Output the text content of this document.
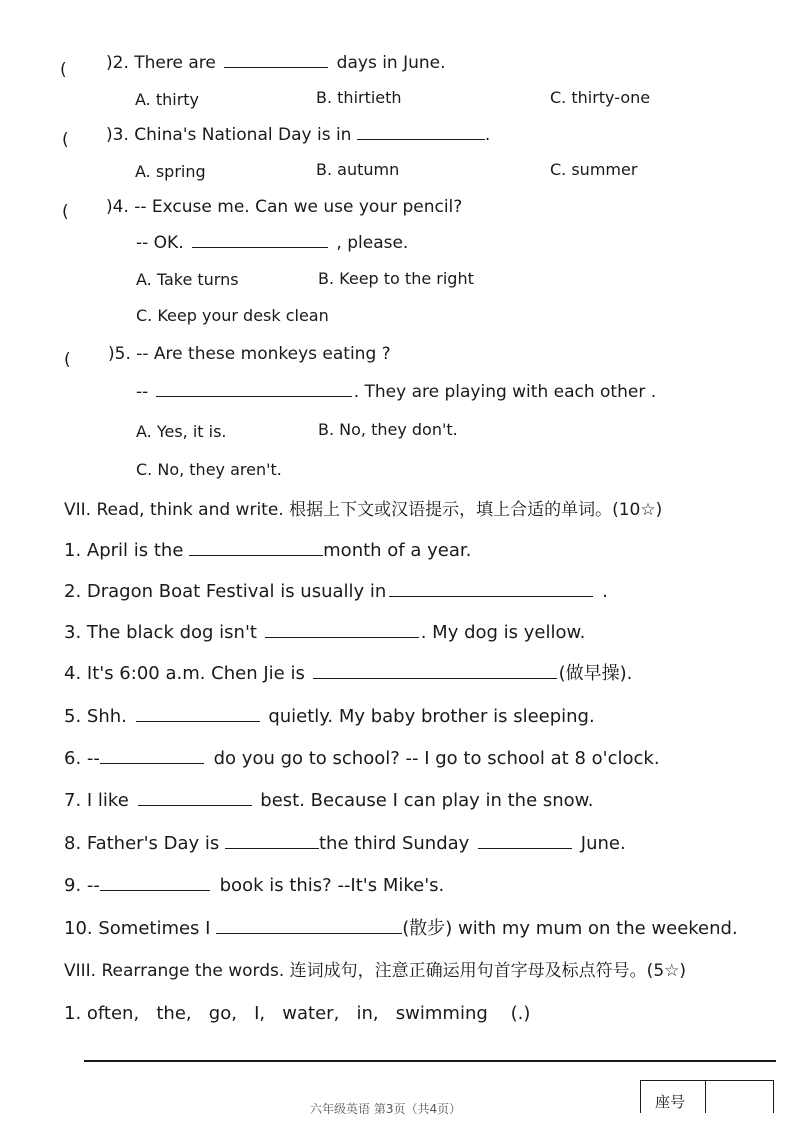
( )2. There are	days in June.
A. thirty	B. thirtieth	C. thirty-one
( )3. China's National Day is in	.
A. spring	B. autumn	C. summer
( )4. -- Excuse me. Can we use your pencil?
-- OK.	, please.
A. Take turns	B. Keep to the right
C. Keep your desk clean
( )5. -- Are these monkeys eating ?
--	. They are playing with each other .
A. Yes, it is.	B. No, they don't.
C. No, they aren't.
VII. Read, think and write. 根据上下文或汉语提示，填上合适的单词。(10☆)
1. April is the	month of a year.
2. Dragon Boat Festival is usually in	.
3. The black dog isn't	. My dog is yellow.
4. It's 6:00 a.m. Chen Jie is	(做早操).
5. Shh.	quietly. My baby brother is sleeping.
6. --	do you go to school? -- I go to school at 8 o'clock.
7. I like	best. Because I can play in the snow.
8. Father's Day is	the third Sunday	June.
9. --	book is this? --It's Mike's.
10. Sometimes I	(散步) with my mum on the weekend.
VIII. Rearrange the words. 连词成句，注意正确运用句首字母及标点符号。(5☆)
1. often,   the,   go,   I,   water,   in,   swimming    (.)
座号
六年级英语 第3页（共4页）
